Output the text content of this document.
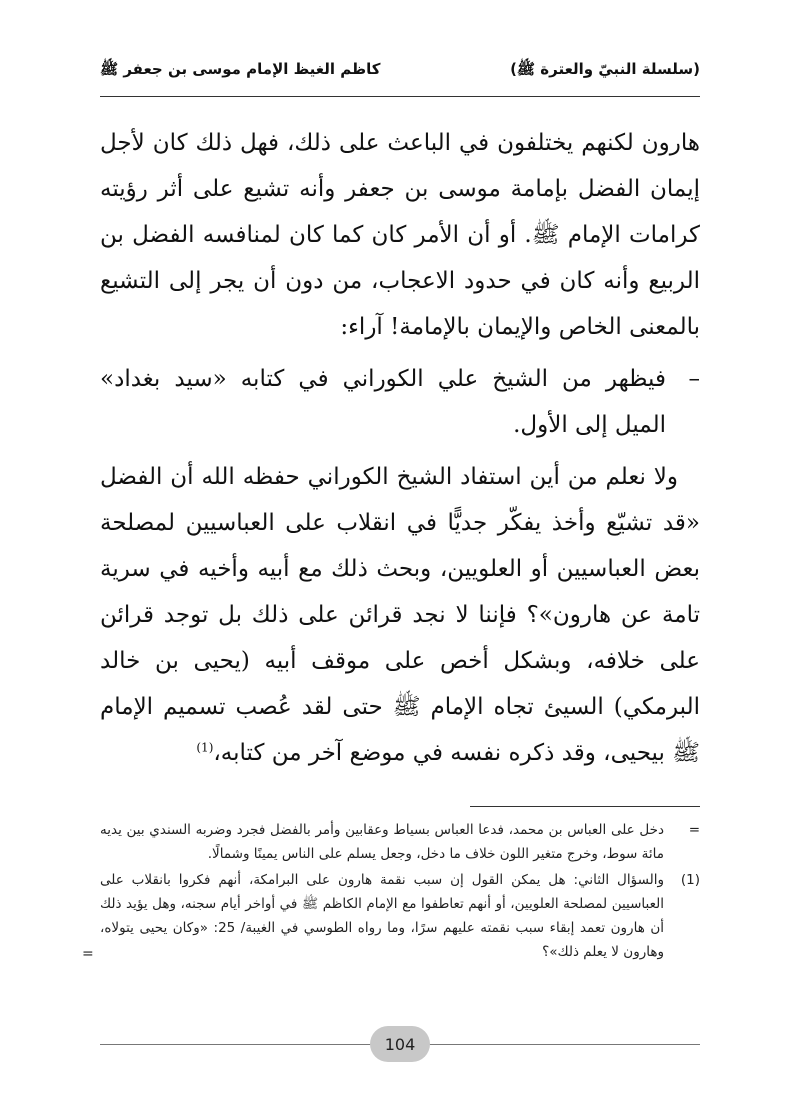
(سلسلة النبيّ والعترة ﷺ)
كاظم الغيظ الإمام موسى بن جعفر ﷺ

هارون لكنهم يختلفون في الباعث على ذلك، فهل ذلك كان لأجل إيمان الفضل بإمامة موسى بن جعفر وأنه تشيع على أثر رؤيته كرامات الإمام ﷺ. أو أن الأمر كان كما كان لمنافسه الفضل بن الربيع وأنه كان في حدود الاعجاب، من دون أن يجر إلى التشيع بالمعنى الخاص والإيمان بالإمامة! آراء:

–
فيظهر من الشيخ علي الكوراني في كتابه «سيد بغداد» الميل إلى الأول.

ولا نعلم من أين استفاد الشيخ الكوراني حفظه الله أن الفضل «قد تشيّع وأخذ يفكّر جديًّا في انقلاب على العباسيين لمصلحة بعض العباسيين أو العلويين، وبحث ذلك مع أبيه وأخيه في سرية تامة عن هارون»؟ فإننا لا نجد قرائن على ذلك بل توجد قرائن على خلافه، وبشكل أخص على موقف أبيه (يحيى بن خالد البرمكي) السيئ تجاه الإمام ﷺ حتى لقد عُصب تسميم الإمام ﷺ بيحيى، وقد ذكره نفسه في موضع آخر من كتابه،$^{(1)}$

=
دخل على العباس بن محمد، فدعا العباس بسياط وعقابين وأمر بالفضل فجرد وضربه السندي بين يديه مائة سوط، وخرج متغير اللون خلاف ما دخل، وجعل يسلم على الناس يمينًا وشمالًا.
(1)
والسؤال الثاني: هل يمكن القول إن سبب نقمة هارون على البرامكة، أنهم فكروا بانقلاب على العباسيين لمصلحة العلويين، أو أنهم تعاطفوا مع الإمام الكاظم ﷺ في أواخر أيام سجنه، وهل يؤيد ذلك أن هارون تعمد إبقاء سبب نقمته عليهم سرًا، وما رواه الطوسي في الغيبة/ 25: «وكان يحيى يتولاه، وهارون لا يعلم ذلك»؟
=
104
